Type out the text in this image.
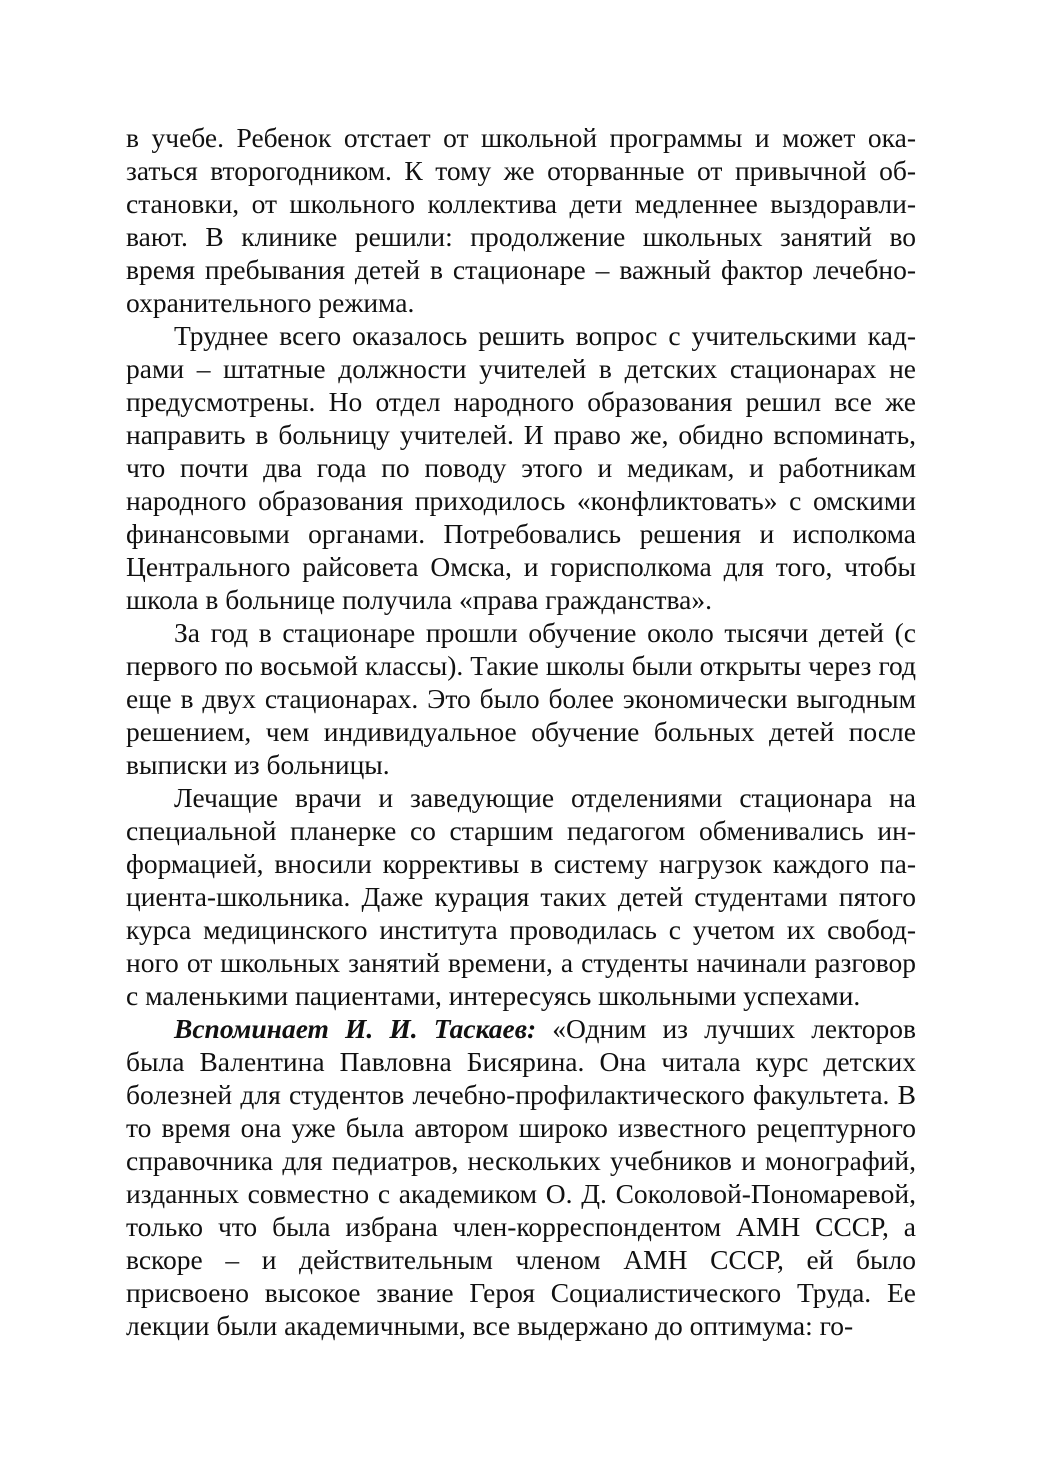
в учебе. Ребенок отстает от школьной программы и может оказаться второгодником. К тому же оторванные от привычной обстановки, от школьного коллектива дети медленнее выздоравливают. В клинике решили: продолжение школьных занятий во время пребывания детей в стационаре – важный фактор лечебно-охранительного режима.

Труднее всего оказалось решить вопрос с учительскими кадрами – штатные должности учителей в детских стационарах не предусмотрены. Но отдел народного образования решил все же направить в больницу учителей. И право же, обидно вспоминать, что почти два года по поводу этого и медикам, и работникам народного образования приходилось «конфликтовать» с омскими финансовыми органами. Потребовались решения и исполкома Центрального райсовета Омска, и горисполкома для того, чтобы школа в больнице получила «права гражданства».

За год в стационаре прошли обучение около тысячи детей (с первого по восьмой классы). Такие школы были открыты через год еще в двух стационарах. Это было более экономически выгодным решением, чем индивидуальное обучение больных детей после выписки из больницы.

Лечащие врачи и заведующие отделениями стационара на специальной планерке со старшим педагогом обменивались информацией, вносили коррективы в систему нагрузок каждого пациента-школьника. Даже курация таких детей студентами пятого курса медицинского института проводилась с учетом их свободного от школьных занятий времени, а студенты начинали разговор с маленькими пациентами, интересуясь школьными успехами.

Вспоминает И. И. Таскаев: «Одним из лучших лекторов была Валентина Павловна Бисярина. Она читала курс детских болезней для студентов лечебно-профилактического факультета. В то время она уже была автором широко известного рецептурного справочника для педиатров, нескольких учебников и монографий, изданных совместно с академиком О. Д. Соколовой-Пономаревой, только что была избрана член-корреспондентом АМН СССР, а вскоре – и действительным членом АМН СССР, ей было присвоено высокое звание Героя Социалистического Труда. Ее лекции были академичными, все выдержано до оптимума: го-
